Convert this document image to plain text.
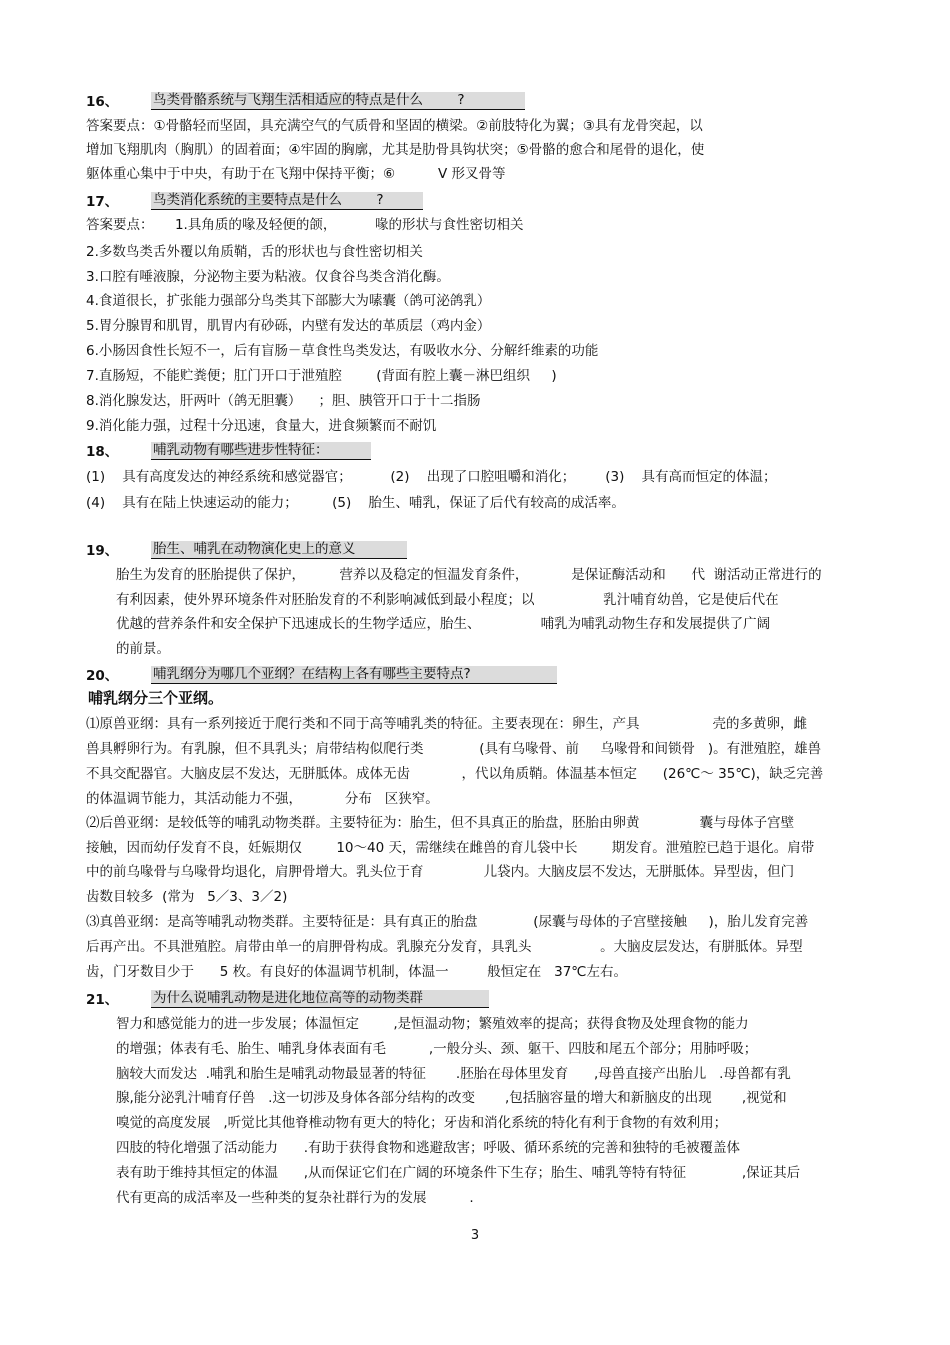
16、	鸟类骨骼系统与飞翔生活相适应的特点是什么        ?
答案要点：①骨骼轻而坚固，具充满空气的气质骨和坚固的横梁。②前肢特化为翼；③具有龙骨突起，以
增加飞翔肌肉（胸肌）的固着面；④牢固的胸廓，尤其是肋骨具钩状突；⑤骨骼的愈合和尾骨的退化，使
躯体重心集中于中央，有助于在飞翔中保持平衡；⑥          V 形叉骨等
17、	鸟类消化系统的主要特点是什么        ?
答案要点：     1.具角质的喙及轻便的颌，         喙的形状与食性密切相关
2.多数鸟类舌外覆以角质鞘，舌的形状也与食性密切相关
3.口腔有唾液腺，分泌物主要为粘液。仅食谷鸟类含消化酶。
4.食道很长，扩张能力强部分鸟类其下部膨大为嗉囊（鸽可泌鸽乳）
5.胃分腺胃和肌胃，肌胃内有砂砾，内壁有发达的革质层（鸡内金）
6.小肠因食性长短不一，后有盲肠－草食性鸟类发达，有吸收水分、分解纤维素的功能
7.直肠短，不能贮粪便；肛门开口于泄殖腔        (背面有腔上囊－淋巴组织     )
8.消化腺发达，肝两叶（鸽无胆囊）    ；胆、胰管开口于十二指肠
9.消化能力强，过程十分迅速，食量大，进食频繁而不耐饥
18、	哺乳动物有哪些进步性特征：
(1)    具有高度发达的神经系统和感觉器官；         (2)    出现了口腔咀嚼和消化；       (3)    具有高而恒定的体温；
(4)    具有在陆上快速运动的能力；        (5)    胎生、哺乳，保证了后代有较高的成活率。
19、	胎生、哺乳在动物演化史上的意义
胎生为发育的胚胎提供了保护，        营养以及稳定的恒温发育条件，          是保证酶活动和      代  谢活动正常进行的
有利因素，使外界环境条件对胚胎发育的不利影响减低到最小程度；以                乳汁哺育幼兽，它是使后代在
优越的营养条件和安全保护下迅速成长的生物学适应，胎生、              哺乳为哺乳动物生存和发展提供了广阔
的前景。
20、	哺乳纲分为哪几个亚纲？在结构上各有哪些主要特点?
哺乳纲分三个亚纲。
⑴原兽亚纲：具有一系列接近于爬行类和不同于高等哺乳类的特征。主要表现在：卵生，产具                 壳的多黄卵，雌
兽具孵卵行为。有乳腺，但不具乳头；肩带结构似爬行类             (具有乌喙骨、前     乌喙骨和间锁骨   )。有泄殖腔，雄兽
不具交配器官。大脑皮层不发达，无胼胝体。成体无齿            ，代以角质鞘。体温基本恒定      (26℃～ 35℃)，缺乏完善
的体温调节能力，其活动能力不强，          分布   区狭窄。
⑵后兽亚纲：是较低等的哺乳动物类群。主要特征为：胎生，但不具真正的胎盘，胚胎由卵黄              囊与母体子宫壁
接触，因而幼仔发育不良，妊娠期仅        10～40 天，需继续在雌兽的育儿袋中长        期发育。泄殖腔已趋于退化。肩带
中的前乌喙骨与乌喙骨均退化，肩胛骨增大。乳头位于育              儿袋内。大脑皮层不发达，无胼胝体。异型齿，但门
齿数目较多  (常为   5／3、3／2)
⑶真兽亚纲：是高等哺乳动物类群。主要特征是：具有真正的胎盘             (尿囊与母体的子宫壁接触     )，胎儿发育完善
后再产出。不具泄殖腔。肩带由单一的肩胛骨构成。乳腺充分发育，具乳头                。大脑皮层发达，有胼胝体。异型
齿，门牙数目少于      5 枚。有良好的体温调节机制，体温一         般恒定在   37℃左右。
21、	为什么说哺乳动物是进化地位高等的动物类群
智力和感觉能力的进一步发展；体温恒定        ,是恒温动物；繁殖效率的提高；获得食物及处理食物的能力
的增强；体表有毛、胎生、哺乳身体表面有毛          ,一般分头、颈、躯干、四肢和尾五个部分；用肺呼吸；
脑较大而发达  .哺乳和胎生是哺乳动物最显著的特征       .胚胎在母体里发育      ,母兽直接产出胎儿   .母兽都有乳
腺,能分泌乳汁哺育仔兽   .这一切涉及身体各部分结构的改变       ,包括脑容量的增大和新脑皮的出现       ,视觉和
嗅觉的高度发展   ,听觉比其他脊椎动物有更大的特化；牙齿和消化系统的特化有利于食物的有效利用；
四肢的特化增强了活动能力      .有助于获得食物和逃避敌害；呼吸、循环系统的完善和独特的毛被覆盖体
表有助于维持其恒定的体温      ,从而保证它们在广阔的环境条件下生存；胎生、哺乳等特有特征             ,保证其后
代有更高的成活率及一些种类的复杂社群行为的发展          .
3
